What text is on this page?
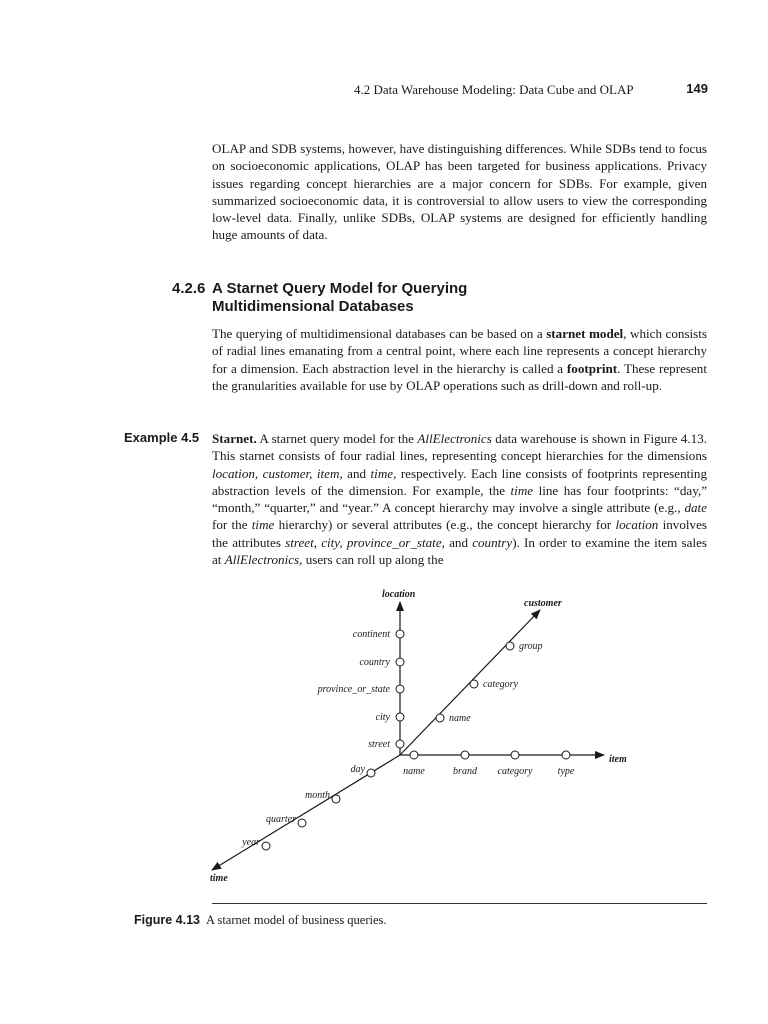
4.2 Data Warehouse Modeling: Data Cube and OLAP	149

OLAP and SDB systems, however, have distinguishing differences. While SDBs tend to focus on socioeconomic applications, OLAP has been targeted for business applications. Privacy issues regarding concept hierarchies are a major concern for SDBs. For example, given summarized socioeconomic data, it is controversial to allow users to view the corresponding low-level data. Finally, unlike SDBs, OLAP systems are designed for efficiently handling huge amounts of data.

4.2.6 A Starnet Query Model for Querying
Multidimensional Databases

The querying of multidimensional databases can be based on a starnet model, which consists of radial lines emanating from a central point, where each line represents a concept hierarchy for a dimension. Each abstraction level in the hierarchy is called a footprint. These represent the granularities available for use by OLAP operations such as drill-down and roll-up.

Example 4.5 Starnet. A starnet query model for the AllElectronics data warehouse is shown in Figure 4.13. This starnet consists of four radial lines, representing concept hierarchies for the dimensions location, customer, item, and time, respectively. Each line consists of footprints representing abstraction levels of the dimension. For example, the time line has four footprints: “day,” “month,” “quarter,” and “year.” A concept hierarchy may involve a single attribute (e.g., date for the time hierarchy) or several attributes (e.g., the concept hierarchy for location involves the attributes street, city, province_or_state, and country). In order to examine the item sales at AllElectronics, users can roll up along the

location
customer
item
time
continent
country
province_or_state
city
street
group
category
name
name	brand category	type
day
month
quarter
year
Figure 4.13 A starnet model of business queries.
